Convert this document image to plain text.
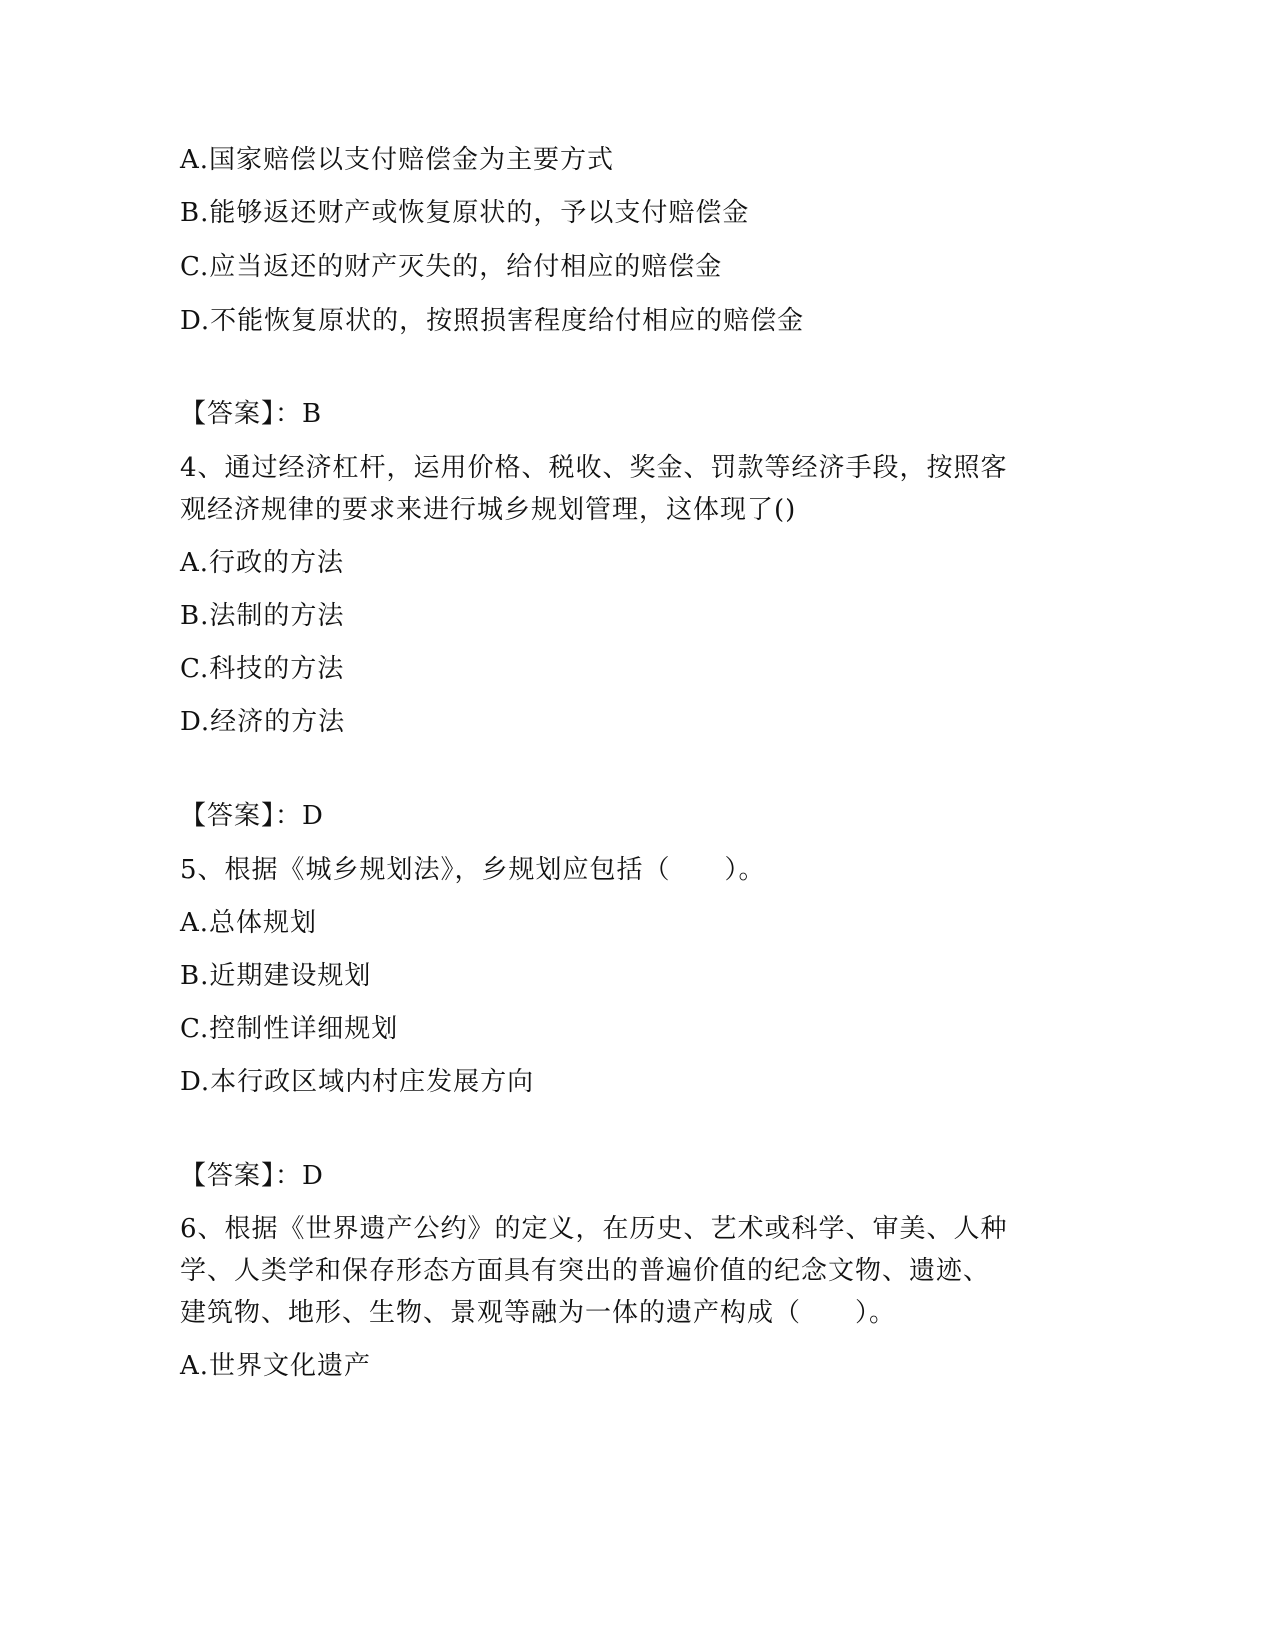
A.国家赔偿以支付赔偿金为主要方式
B.能够返还财产或恢复原状的，予以支付赔偿金
C.应当返还的财产灭失的，给付相应的赔偿金
D.不能恢复原状的，按照损害程度给付相应的赔偿金
【答案】：B
4、通过经济杠杆，运用价格、税收、奖金、罚款等经济手段，按照客
观经济规律的要求来进行城乡规划管理，这体现了()
A.行政的方法
B.法制的方法
C.科技的方法
D.经济的方法
【答案】：D
5、根据《城乡规划法》，乡规划应包括（　　）。
A.总体规划
B.近期建设规划
C.控制性详细规划
D.本行政区域内村庄发展方向
【答案】：D
6、根据《世界遗产公约》的定义，在历史、艺术或科学、审美、人种
学、人类学和保存形态方面具有突出的普遍价值的纪念文物、遗迹、
建筑物、地形、生物、景观等融为一体的遗产构成（　　）。
A.世界文化遗产
